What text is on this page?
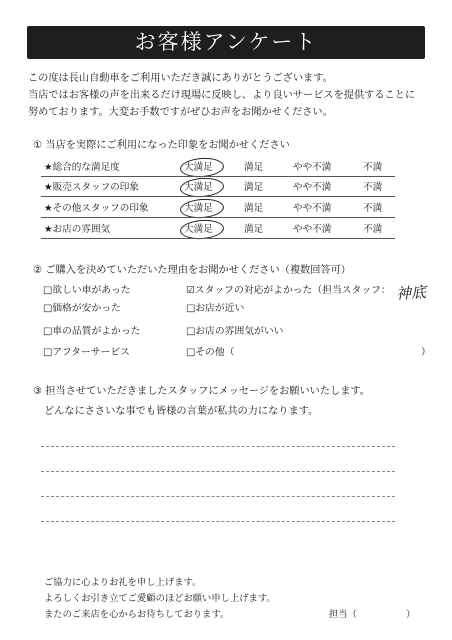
お客様アンケート
この度は長山自動車をご利用いただき誠にありがとうございます。
当店ではお客様の声を出来るだけ現場に反映し、より良いサービスを提供することに
努めております。大変お手数ですがぜひお声をお聞かせください。
① 当店を実際にご利用になった印象をお聞かせください
★総合的な満足度	大満足	満足	やや不満	不満
★販売スタッフの印象	大満足	満足	やや不満	不満
★その他スタッフの印象	大満足	満足	やや不満	不満
★お店の雰囲気	大満足	満足	やや不満	不満
② ご購入を決めていただいた理由をお聞かせください（複数回答可）
□欲しい車があった	☑スタッフの対応がよかった（担当スタッフ： 神底
□価格が安かった	□お店が近い
□車の品質がよかった	□お店の雰囲気がいい
□アフターサービス	□その他（	）
③ 担当させていただきましたスタッフにメッセージをお願いいたします。
どんなにささいな事でも皆様の言葉が私共の力になります。
ご協力に心よりお礼を申し上げます。
よろしくお引き立てご愛顧のほどお願い申し上げます。
またのご来店を心からお待ちしております。	担当（	）
